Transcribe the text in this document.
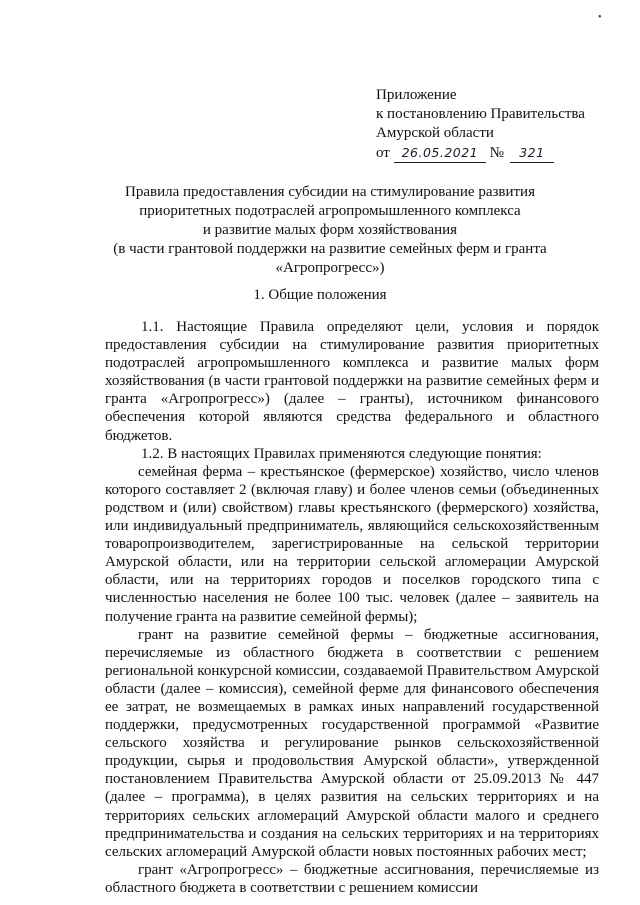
•
Приложение
к постановлению Правительства
Амурской области
от 26.05.2021 № 321
Правила предоставления субсидии на стимулирование развития
приоритетных подотраслей агропромышленного комплекса
и развитие малых форм хозяйствования
(в части грантовой поддержки на развитие семейных ферм и гранта
«Агропрогресс»)
1. Общие положения

1.1. Настоящие Правила определяют цели, условия и порядок предоставления субсидии на стимулирование развития приоритетных подотраслей агропромышленного комплекса и развитие малых форм хозяйствования (в части грантовой поддержки на развитие семейных ферм и гранта «Агропрогресс») (далее – гранты), источником финансового обеспечения которой являются средства федерального и областного бюджетов.

1.2. В настоящих Правилах применяются следующие понятия:

семейная ферма – крестьянское (фермерское) хозяйство, число членов которого составляет 2 (включая главу) и более членов семьи (объединенных родством и (или) свойством) главы крестьянского (фермерского) хозяйства, или индивидуальный предприниматель, являющийся сельскохозяйственным товаропроизводителем, зарегистрированные на сельской территории Амурской области, или на территории сельской агломерации Амурской области, или на территориях городов и поселков городского типа с численностью населения не более 100 тыс. человек (далее – заявитель на получение гранта на развитие семейной фермы);

грант на развитие семейной фермы – бюджетные ассигнования, перечисляемые из областного бюджета в соответствии с решением региональной конкурсной комиссии, создаваемой Правительством Амурской области (далее – комиссия), семейной ферме для финансового обеспечения ее затрат, не возмещаемых в рамках иных направлений государственной поддержки, предусмотренных государственной программой «Развитие сельского хозяйства и регулирование рынков сельскохозяйственной продукции, сырья и продовольствия Амурской области», утвержденной постановлением Правительства Амурской области от 25.09.2013 № 447 (далее – программа), в целях развития на сельских территориях и на территориях сельских агломераций Амурской области малого и среднего предпринимательства и создания на сельских территориях и на территориях сельских агломераций Амурской области новых постоянных рабочих мест;

грант «Агропрогресс» – бюджетные ассигнования, перечисляемые из областного бюджета в соответствии с решением комиссии
